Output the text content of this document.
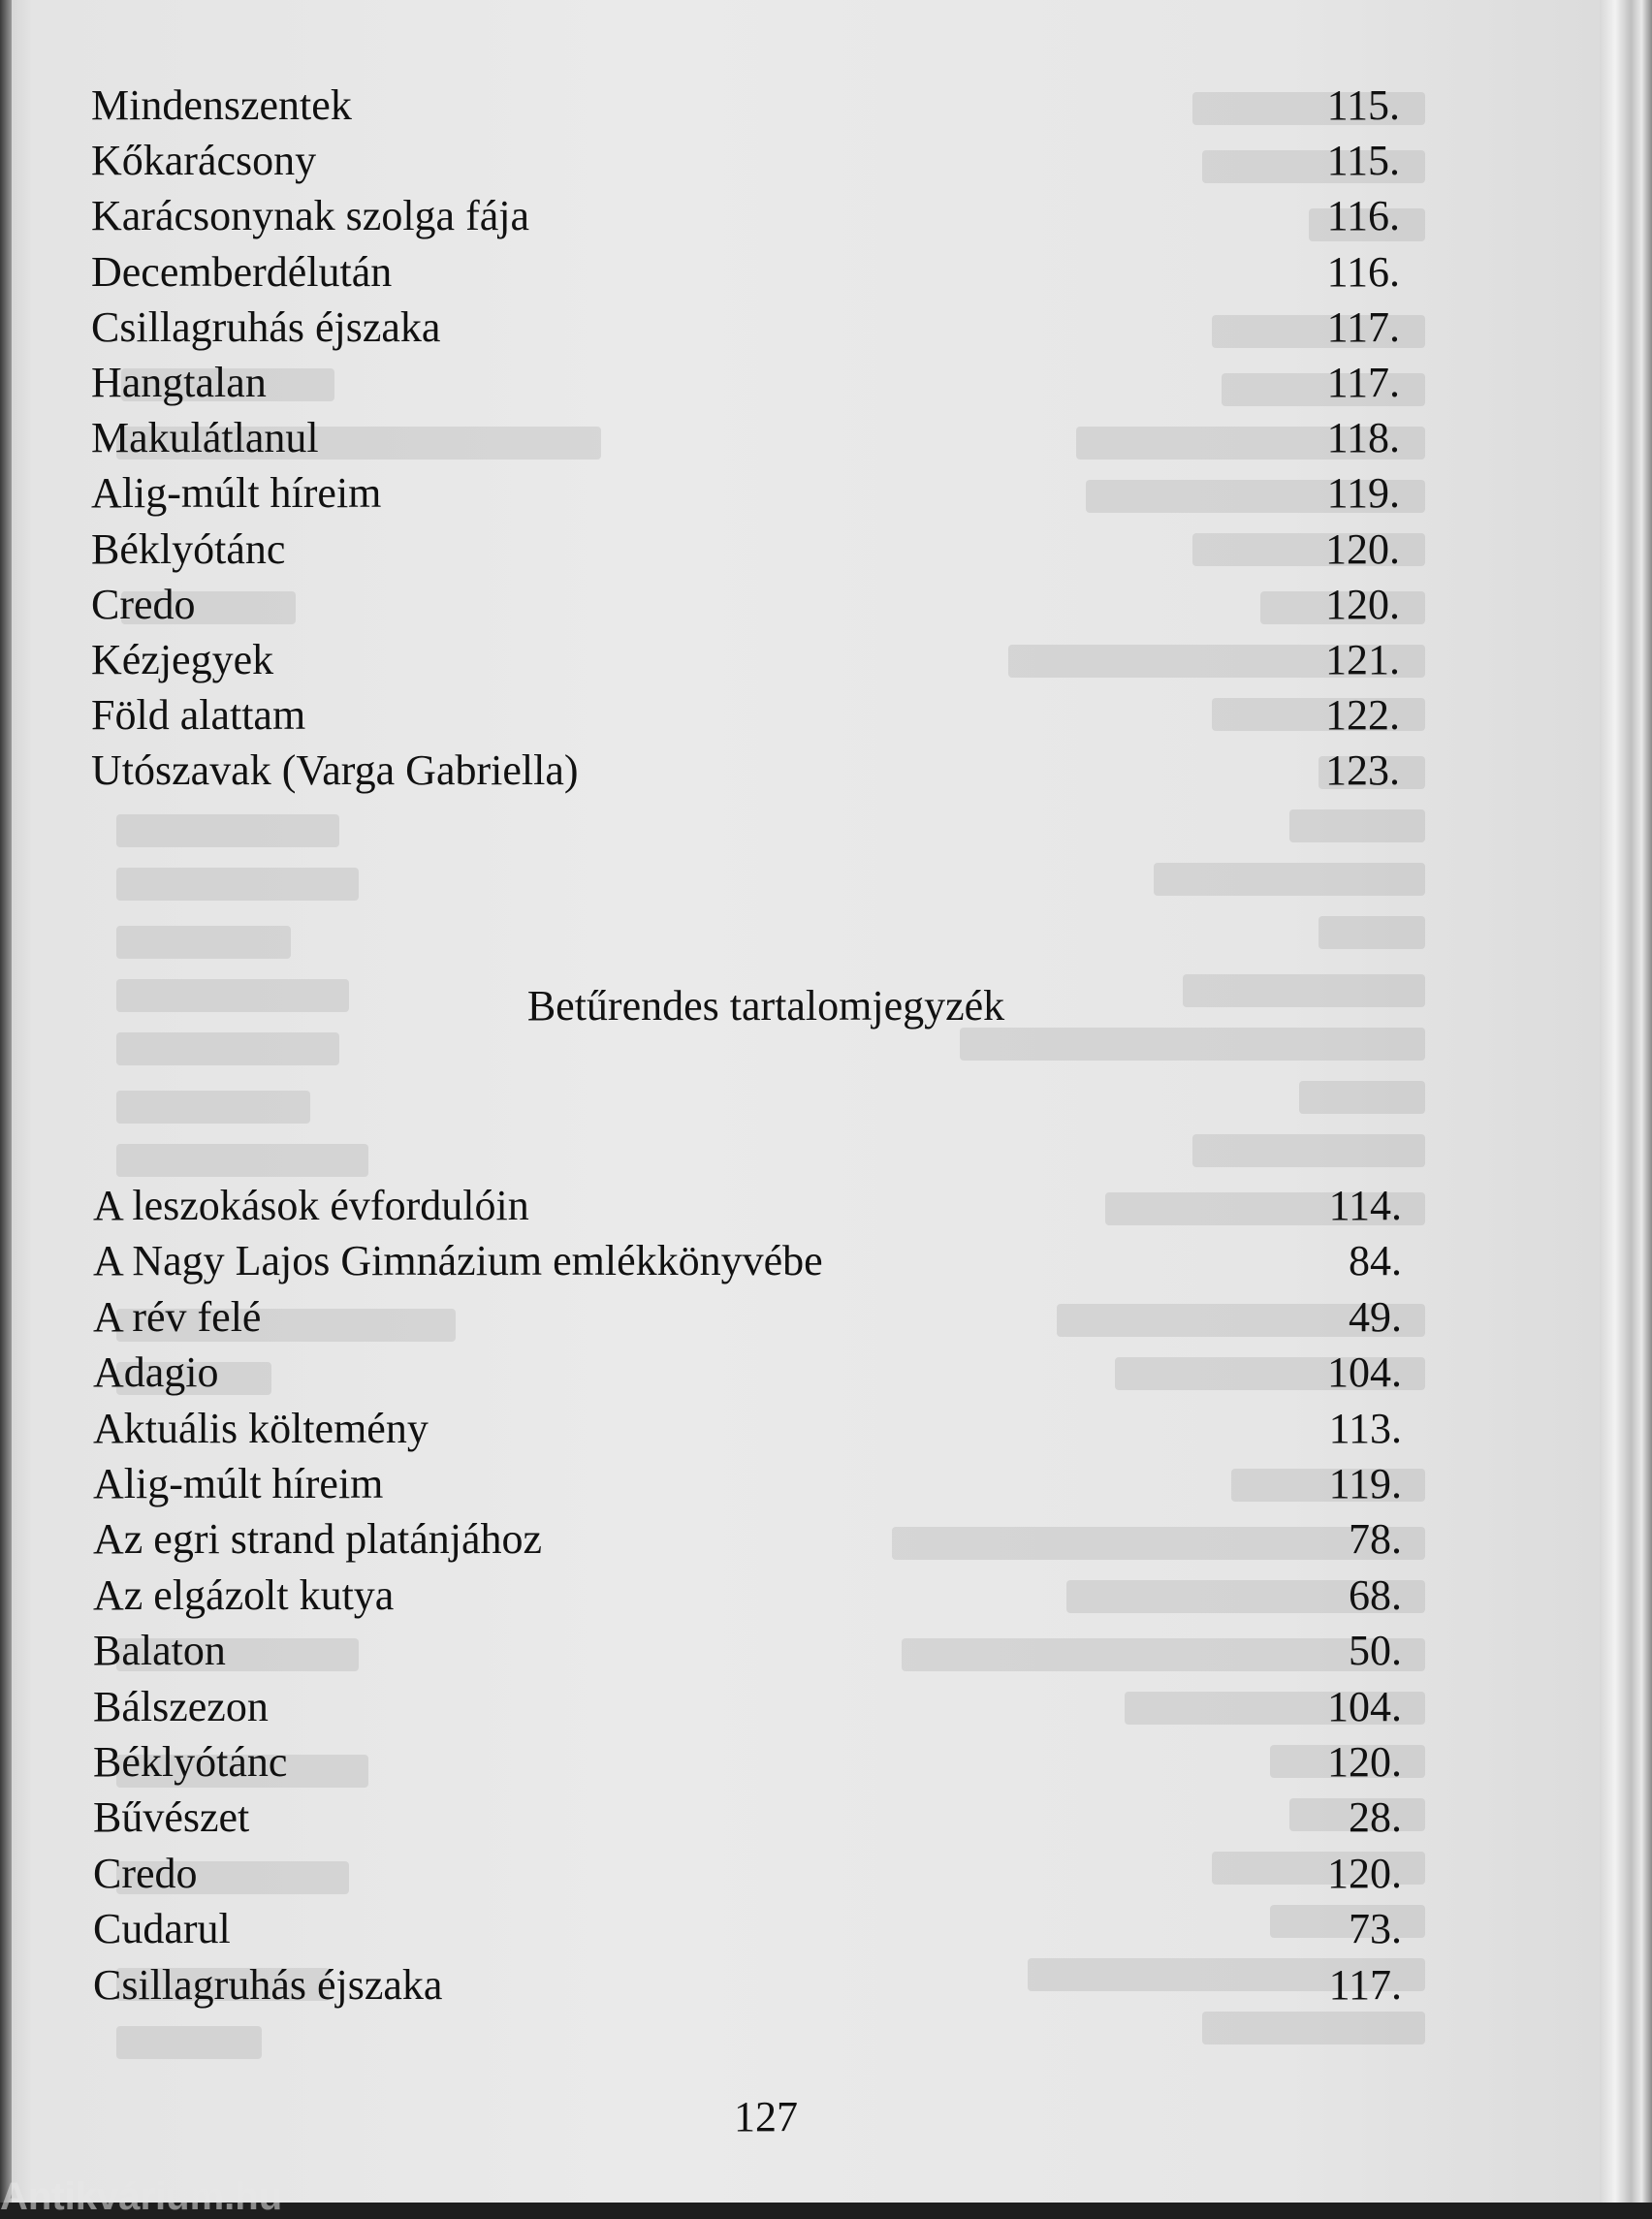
Mindenszentek	115.
Kőkarácsony	115.
Karácsonynak szolga fája	116.
Decemberdélután	116.
Csillagruhás éjszaka	117.
Hangtalan	117.
Makulátlanul	118.
Alig-múlt híreim	119.
Béklyótánc	120.
Credo	120.
Kézjegyek	121.
Föld alattam	122.
Utószavak (Varga Gabriella)	123.
Betűrendes tartalomjegyzék
A leszokások évfordulóin	114.
A Nagy Lajos Gimnázium emlékkönyvébe	84.
A rév felé	49.
Adagio	104.
Aktuális költemény	113.
Alig-múlt híreim	119.
Az egri strand platánjához	78.
Az elgázolt kutya	68.
Balaton	50.
Bálszezon	104.
Béklyótánc	120.
Bűvészet	28.
Credo	120.
Cudarul	73.
Csillagruhás éjszaka	117.
127
Antikvárium.hu
